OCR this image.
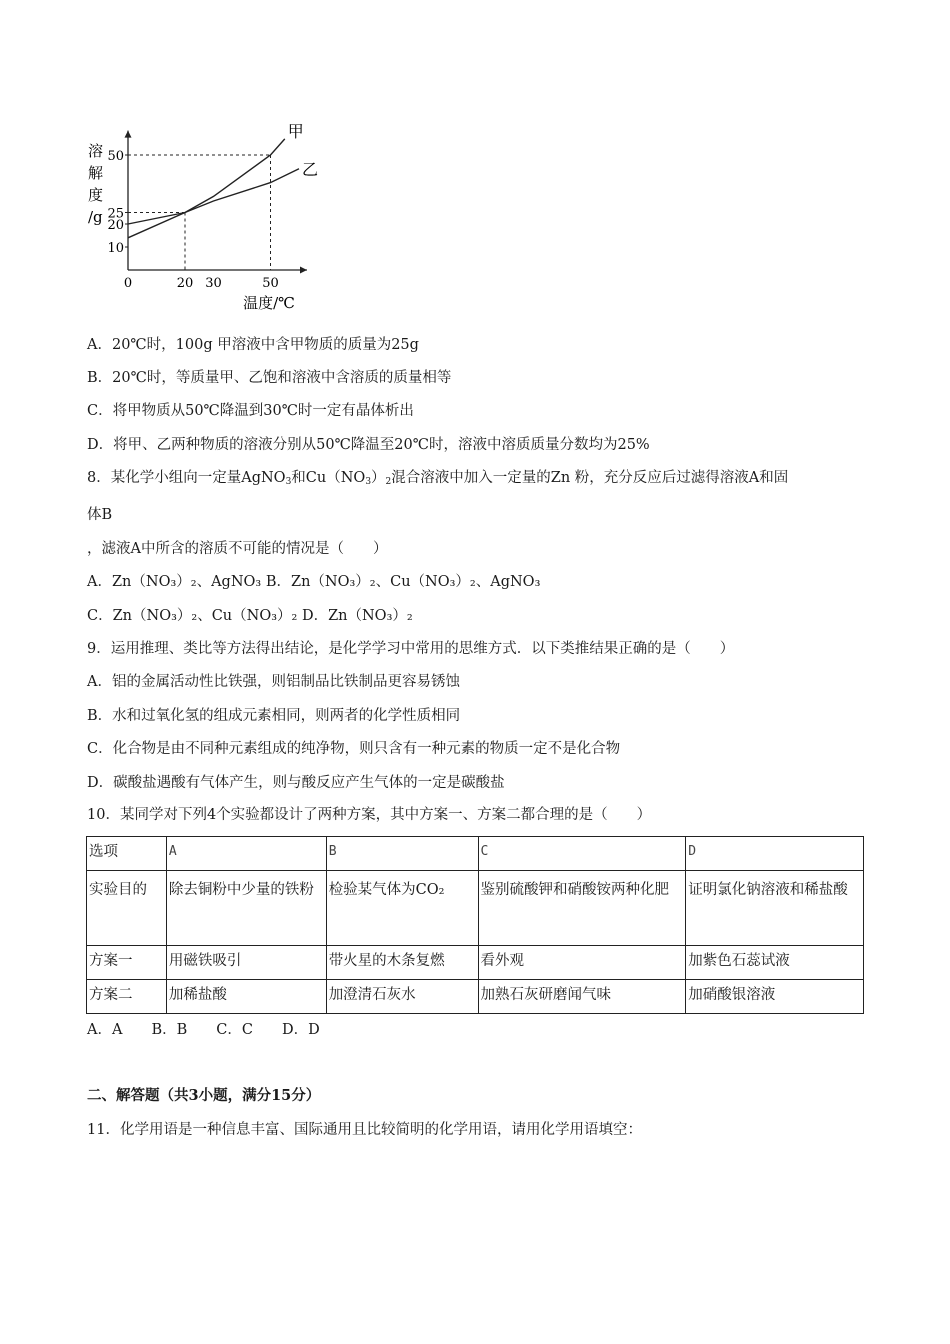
溶
解
度
/g
50
25
20
10
0	20 30	50
温度/℃
甲
乙
A．20℃时，100g 甲溶液中含甲物质的质量为25g
B．20℃时，等质量甲、乙饱和溶液中含溶质的质量相等
C．将甲物质从50℃降温到30℃时一定有晶体析出
D．将甲、乙两种物质的溶液分别从50℃降温至20℃时，溶液中溶质质量分数均为25%
8．某化学小组向一定量AgNO$_3$和$Cu(NO_3)_2$混合溶液中加入一定量的Zn 粉，充分反应后过滤得溶液A和固
体B
，滤液A中所含的溶质不可能的情况是（　　）
A．Zn（NO₃）₂、AgNO₃ B．Zn（NO₃）₂、Cu（NO₃）₂、AgNO₃
C．Zn（NO₃）₂、Cu（NO₃）₂ D．Zn（NO₃）₂
9．运用推理、类比等方法得出结论，是化学学习中常用的思维方式．以下类推结果正确的是（　　）
A．铝的金属活动性比铁强，则铝制品比铁制品更容易锈蚀
B．水和过氧化氢的组成元素相同，则两者的化学性质相同
C．化合物是由不同种元素组成的纯净物，则只含有一种元素的物质一定不是化合物
D．碳酸盐遇酸有气体产生，则与酸反应产生气体的一定是碳酸盐
10．某同学对下列4个实验都设计了两种方案，其中方案一、方案二都合理的是（　　）
选项	A	B	C	D
实验目的	除去铜粉中少量的铁粉	检验某气体为CO₂	鉴别硫酸钾和硝酸铵两种化肥	证明氯化钠溶液和稀盐酸
方案一	用磁铁吸引	带火星的木条复燃	看外观	加紫色石蕊试液
方案二	加稀盐酸	加澄清石灰水	加熟石灰研磨闻气味	加硝酸银溶液
A．A　　B．B　　C．C　　D．D
二、解答题（共3小题，满分15分）
11．化学用语是一种信息丰富、国际通用且比较简明的化学用语，请用化学用语填空：
